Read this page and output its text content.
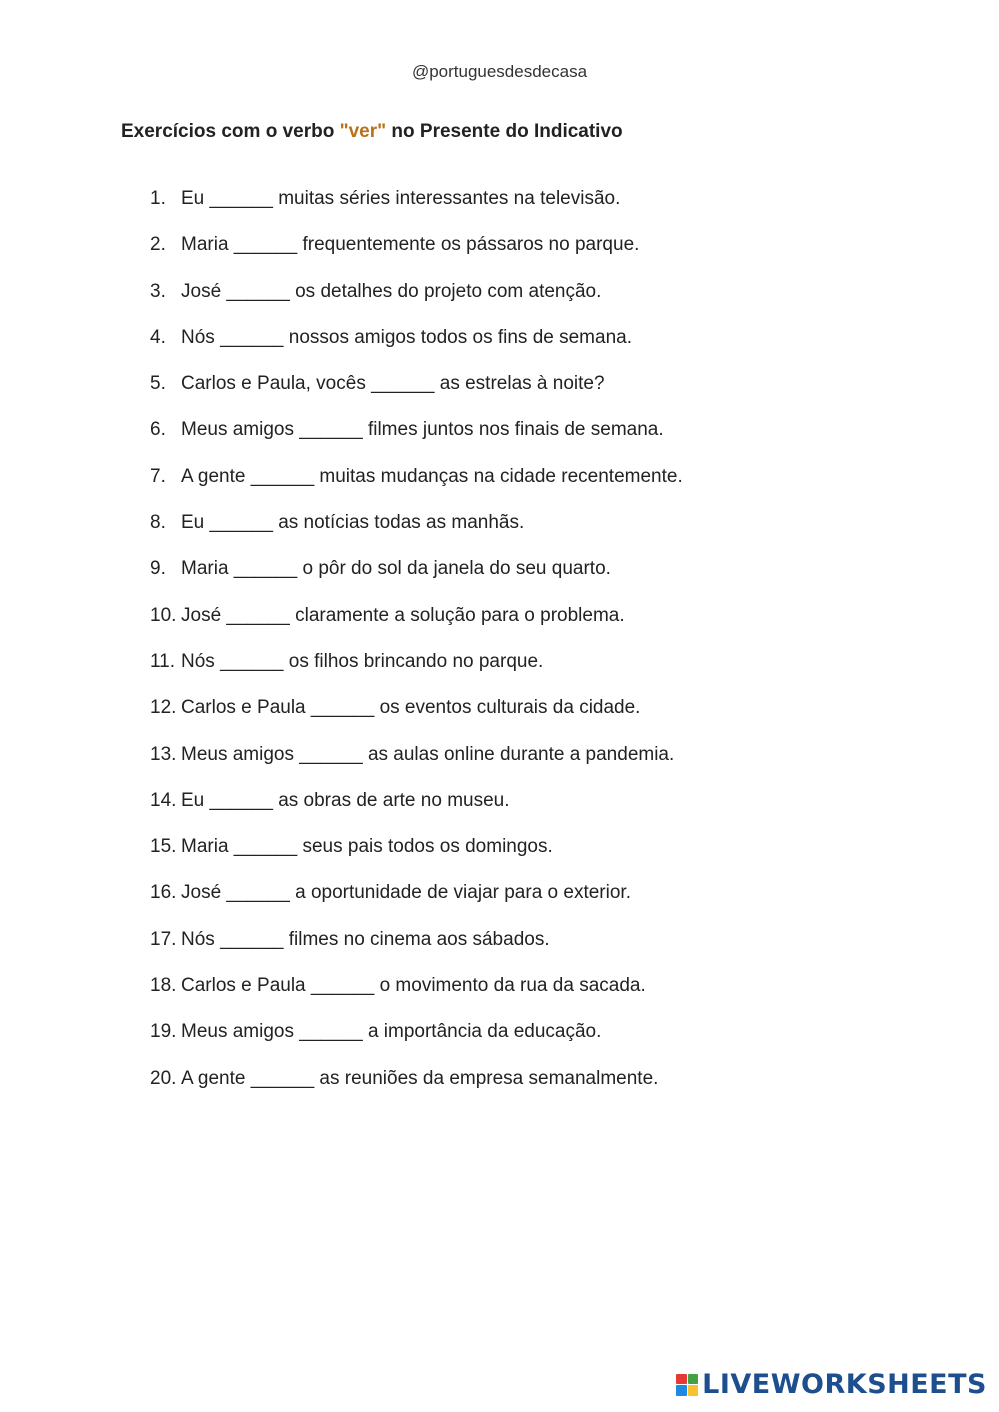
@portuguesdesdecasa
Exercícios com o verbo "ver" no Presente do Indicativo
1. Eu ______ muitas séries interessantes na televisão.
2. Maria ______ frequentemente os pássaros no parque.
3. José ______ os detalhes do projeto com atenção.
4. Nós ______ nossos amigos todos os fins de semana.
5. Carlos e Paula, vocês ______ as estrelas à noite?
6. Meus amigos ______ filmes juntos nos finais de semana.
7. A gente ______ muitas mudanças na cidade recentemente.
8. Eu ______ as notícias todas as manhãs.
9. Maria ______ o pôr do sol da janela do seu quarto.
10. José ______ claramente a solução para o problema.
11. Nós ______ os filhos brincando no parque.
12. Carlos e Paula ______ os eventos culturais da cidade.
13. Meus amigos ______ as aulas online durante a pandemia.
14. Eu ______ as obras de arte no museu.
15. Maria ______ seus pais todos os domingos.
16. José ______ a oportunidade de viajar para o exterior.
17. Nós ______ filmes no cinema aos sábados.
18. Carlos e Paula ______ o movimento da rua da sacada.
19. Meus amigos ______ a importância da educação.
20. A gente ______ as reuniões da empresa semanalmente.
LIVEWORKSHEETS
